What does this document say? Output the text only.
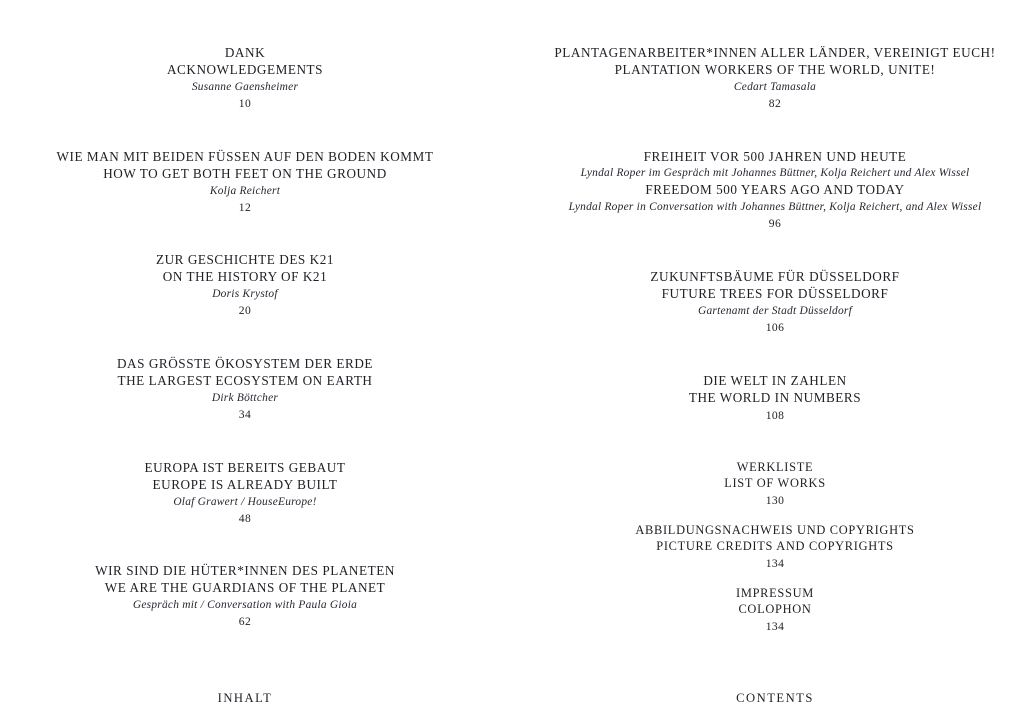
DANK
ACKNOWLEDGEMENTS
Susanne Gaensheimer
10
WIE MAN MIT BEIDEN FÜSSEN AUF DEN BODEN KOMMT
HOW TO GET BOTH FEET ON THE GROUND
Kolja Reichert
12
ZUR GESCHICHTE DES K21
ON THE HISTORY OF K21
Doris Krystof
20
DAS GRÖSSTE ÖKOSYSTEM DER ERDE
THE LARGEST ECOSYSTEM ON EARTH
Dirk Böttcher
34
EUROPA IST BEREITS GEBAUT
EUROPE IS ALREADY BUILT
Olaf Grawert / HouseEurope!
48
WIR SIND DIE HÜTER*INNEN DES PLANETEN
WE ARE THE GUARDIANS OF THE PLANET
Gespräch mit / Conversation with Paula Gioia
62
PLANTAGENARBEITER*INNEN ALLER LÄNDER, VEREINIGT EUCH!
PLANTATION WORKERS OF THE WORLD, UNITE!
Cedart Tamasala
82
FREIHEIT VOR 500 JAHREN UND HEUTE
Lyndal Roper im Gespräch mit Johannes Büttner, Kolja Reichert und Alex Wissel
FREEDOM 500 YEARS AGO AND TODAY
Lyndal Roper in Conversation with Johannes Büttner, Kolja Reichert, and Alex Wissel
96
ZUKUNFTSBÄUME FÜR DÜSSELDORF
FUTURE TREES FOR DÜSSELDORF
Gartenamt der Stadt Düsseldorf
106
DIE WELT IN ZAHLEN
THE WORLD IN NUMBERS
108
WERKLISTE
LIST OF WORKS
130
ABBILDUNGSNACHWEIS UND COPYRIGHTS
PICTURE CREDITS AND COPYRIGHTS
134
IMPRESSUM
COLOPHON
134
INHALT	CONTENTS
